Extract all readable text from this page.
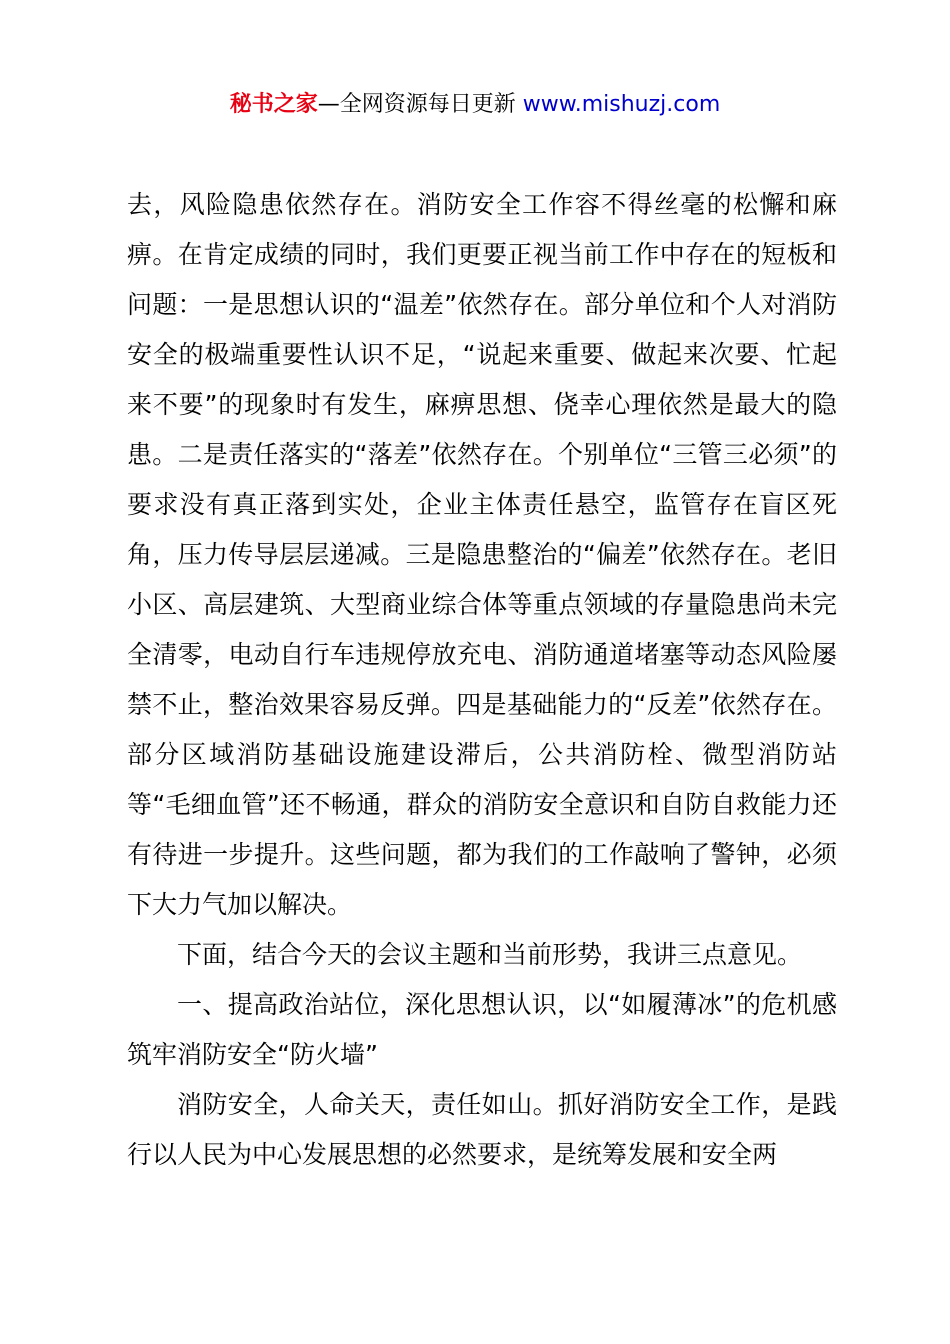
秘书之家—全网资源每日更新 www.mishuzj.com

去，风险隐患依然存在。消防安全工作容不得丝毫的松懈和麻痹。在肯定成绩的同时，我们更要正视当前工作中存在的短板和问题：一是思想认识的“温差”依然存在。部分单位和个人对消防安全的极端重要性认识不足，“说起来重要、做起来次要、忙起来不要”的现象时有发生，麻痹思想、侥幸心理依然是最大的隐患。二是责任落实的“落差”依然存在。个别单位“三管三必须”的要求没有真正落到实处，企业主体责任悬空，监管存在盲区死角，压力传导层层递减。三是隐患整治的“偏差”依然存在。老旧小区、高层建筑、大型商业综合体等重点领域的存量隐患尚未完全清零，电动自行车违规停放充电、消防通道堵塞等动态风险屡禁不止，整治效果容易反弹。四是基础能力的“反差”依然存在。部分区域消防基础设施建设滞后，公共消防栓、微型消防站等“毛细血管”还不畅通，群众的消防安全意识和自防自救能力还有待进一步提升。这些问题，都为我们的工作敲响了警钟，必须下大力气加以解决。

下面，结合今天的会议主题和当前形势，我讲三点意见。

一、提高政治站位，深化思想认识，以“如履薄冰”的危机感筑牢消防安全“防火墙”

消防安全，人命关天，责任如山。抓好消防安全工作，是践行以人民为中心发展思想的必然要求，是统筹发展和安全两
